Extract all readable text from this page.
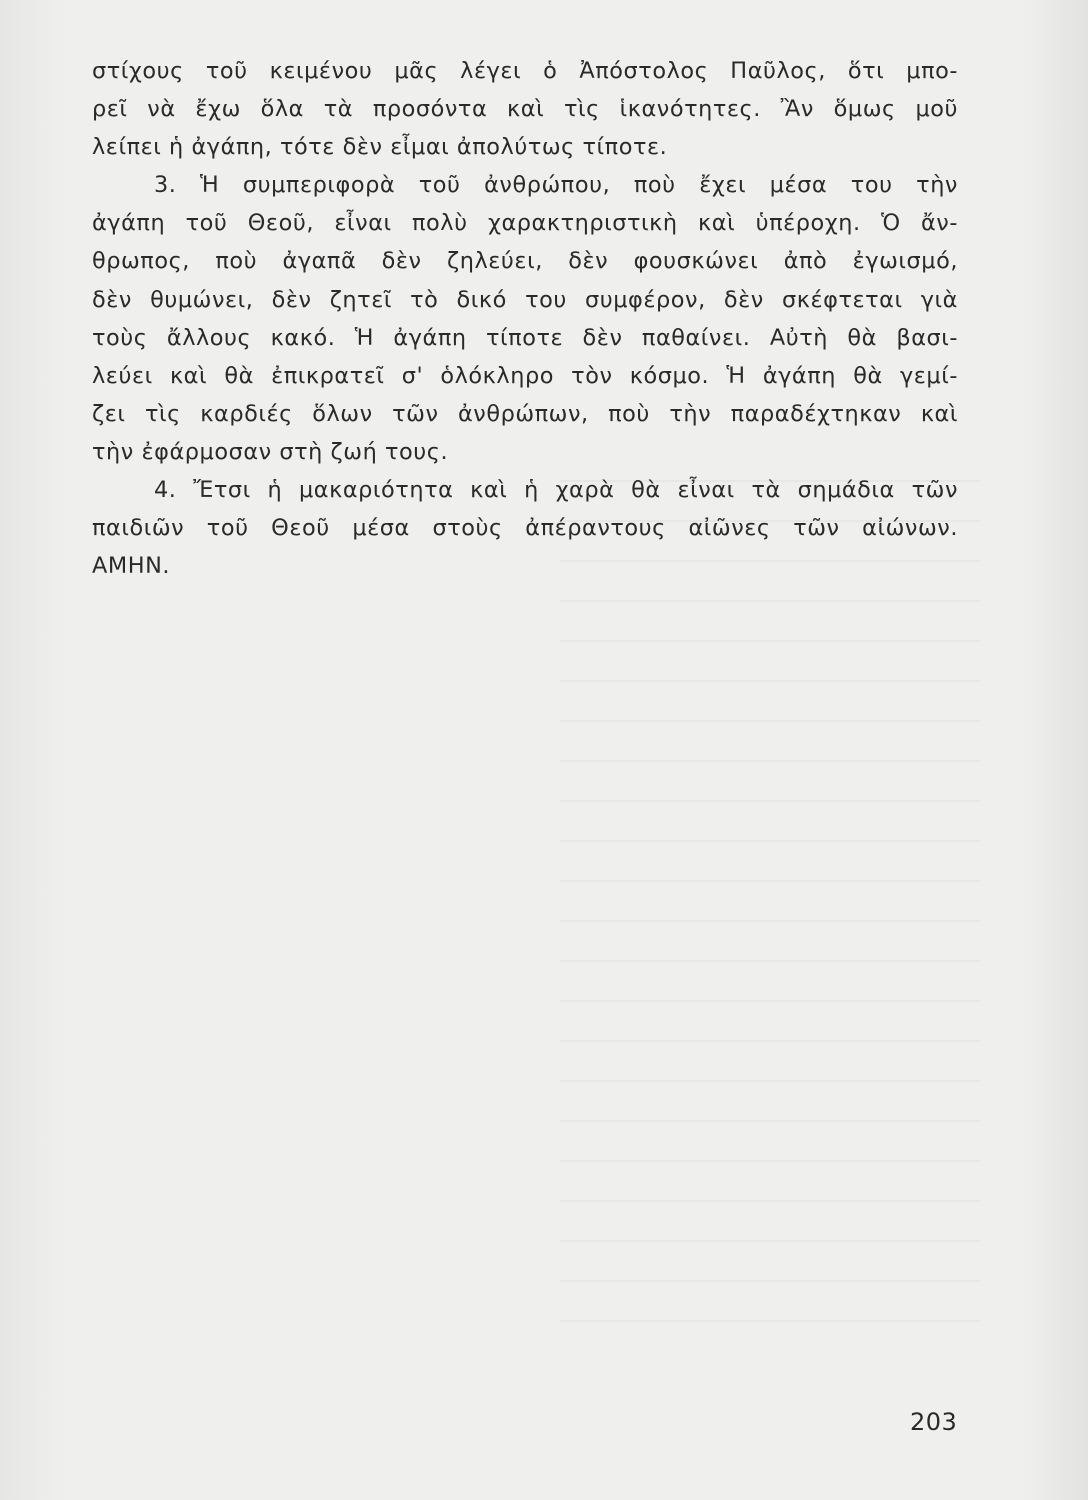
στίχους τοῦ κειμένου μᾶς λέγει ὁ Ἀπόστολος Παῦλος, ὅτι μπο-
ρεῖ νὰ ἔχω ὅλα τὰ προσόντα καὶ τὶς ἱκανότητες. Ἂν ὅμως μοῦ
λείπει ἡ ἀγάπη, τότε δὲν εἶμαι ἀπολύτως τίποτε.
3. Ἡ συμπεριφορὰ τοῦ ἀνθρώπου, ποὺ ἔχει μέσα του τὴν
ἀγάπη τοῦ Θεοῦ, εἶναι πολὺ χαρακτηριστικὴ καὶ ὑπέροχη. Ὁ ἄν-
θρωπος, ποὺ ἀγαπᾶ δὲν ζηλεύει, δὲν φουσκώνει ἀπὸ ἐγωισμό,
δὲν θυμώνει, δὲν ζητεῖ τὸ δικό του συμφέρον, δὲν σκέφτεται γιὰ
τοὺς ἄλλους κακό. Ἡ ἀγάπη τίποτε δὲν παθαίνει. Αὐτὴ θὰ βασι-
λεύει καὶ θὰ ἐπικρατεῖ σ' ὁλόκληρο τὸν κόσμο. Ἡ ἀγάπη θὰ γεμί-
ζει τὶς καρδιές ὅλων τῶν ἀνθρώπων, ποὺ τὴν παραδέχτηκαν καὶ
τὴν ἐφάρμοσαν στὴ ζωή τους.
4. Ἔτσι ἡ μακαριότητα καὶ ἡ χαρὰ θὰ εἶναι τὰ σημάδια τῶν
παιδιῶν τοῦ Θεοῦ μέσα στοὺς ἀπέραντους αἰῶνες τῶν αἰώνων.
ΑΜΗΝ.
203
